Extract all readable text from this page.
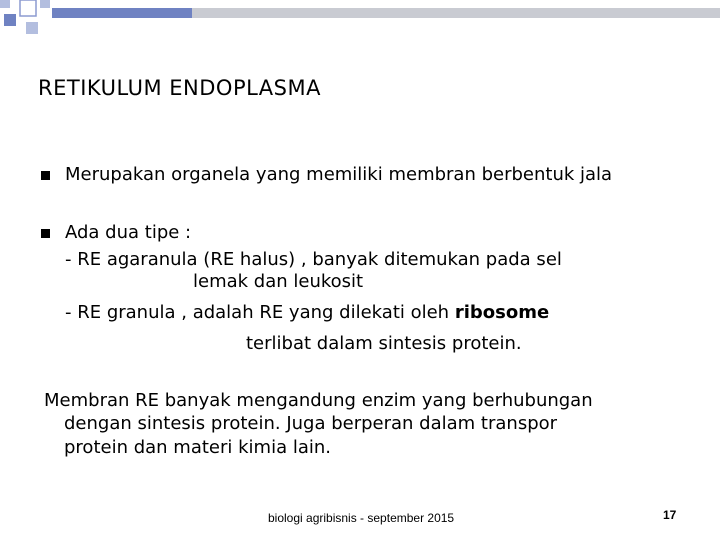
RETIKULUM ENDOPLASMA
Merupakan organela yang memiliki membran berbentuk jala
Ada dua tipe :
- RE agaranula (RE halus) , banyak ditemukan pada sel
lemak dan leukosit
- RE granula , adalah RE yang dilekati oleh ribosome
terlibat dalam sintesis protein.
Membran RE banyak mengandung enzim yang berhubungan
dengan sintesis protein. Juga berperan dalam transpor
protein dan materi kimia lain.
biologi agribisnis - september 2015	17
